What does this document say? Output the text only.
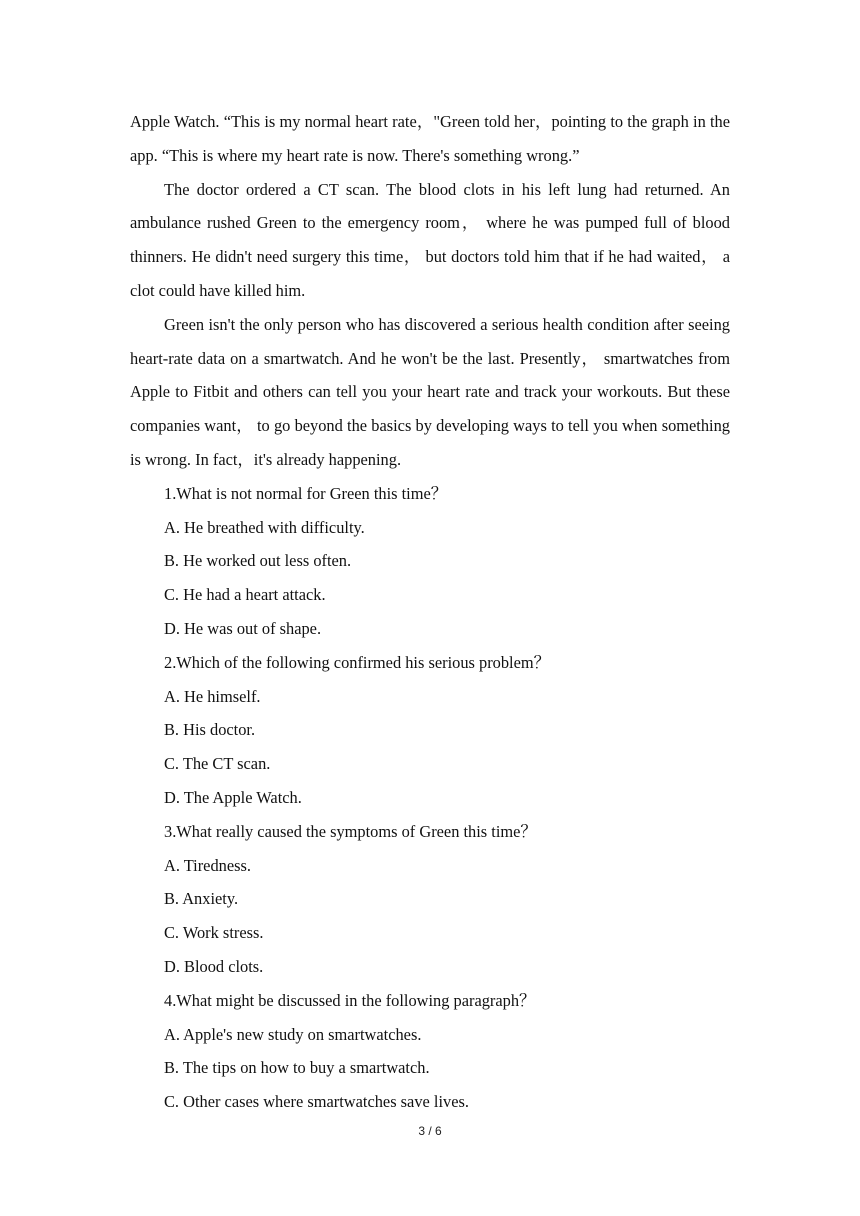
Apple Watch. “This is my normal heart rate，"Green told her，pointing to the graph in the app. “This is where my heart rate is now. There's something wrong.”

The doctor ordered a CT scan. The blood clots in his left lung had returned. An ambulance rushed Green to the emergency room， where he was pumped full of blood thinners. He didn't need surgery this time， but doctors told him that if he had waited， a clot could have killed him.

Green isn't the only person who has discovered a serious health condition after seeing heart-rate data on a smartwatch. And he won't be the last. Presently， smartwatches from Apple to Fitbit and others can tell you your heart rate and track your workouts. But these companies want， to go beyond the basics by developing ways to tell you when something is wrong. In fact，it's already happening.

1.What is not normal for Green this time？

A. He breathed with difficulty.

B. He worked out less often.

C. He had a heart attack.

D. He was out of shape.

2.Which of the following confirmed his serious problem？

A. He himself.

B. His doctor.

C. The CT scan.

D. The Apple Watch.

3.What really caused the symptoms of Green this time？

A. Tiredness.

B. Anxiety.

C. Work stress.

D. Blood clots.

4.What might be discussed in the following paragraph？

A. Apple's new study on smartwatches.

B. The tips on how to buy a smartwatch.

C. Other cases where smartwatches save lives.

3 / 6
